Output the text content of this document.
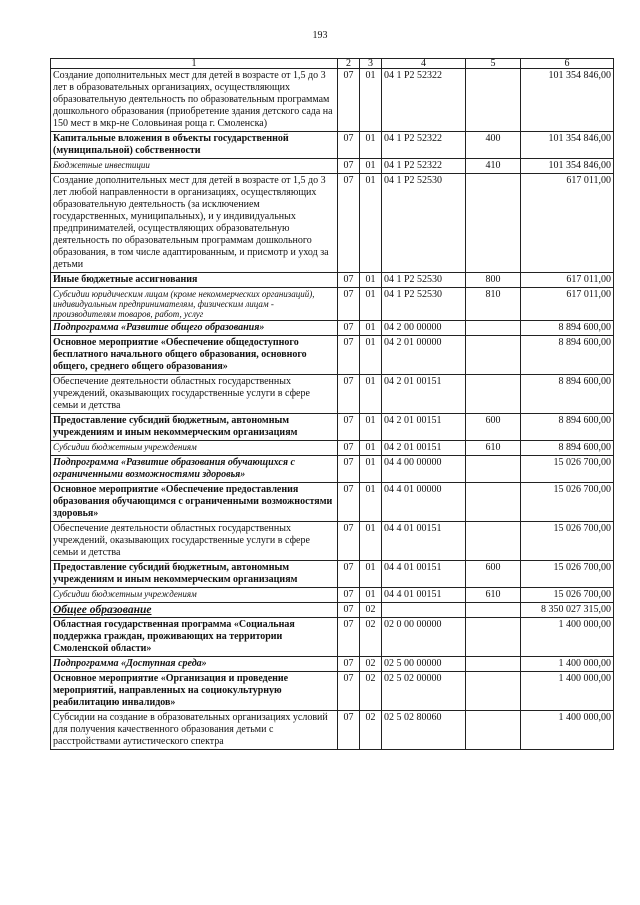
193
1	2	3	4	5	6
Создание дополнительных мест для детей в возрасте от 1,5 до 3 лет в образовательных организациях, осуществляющих образовательную деятельность по образовательным программам дошкольного образования (приобретение здания детского сада на 150 мест в мкр-не Соловьиная роща г. Смоленска)	07	01	04 1 P2 52322		101 354 846,00
Капитальные вложения в объекты государственной (муниципальной) собственности	07	01	04 1 P2 52322	400	101 354 846,00
Бюджетные инвестиции	07	01	04 1 P2 52322	410	101 354 846,00
Создание дополнительных мест для детей в возрасте от 1,5 до 3 лет любой направленности в организациях, осуществляющих образовательную деятельность (за исключением государственных, муниципальных), и у индивидуальных предпринимателей, осуществляющих образовательную деятельность по образовательным программам дошкольного образования, в том числе адаптированным, и присмотр и уход за детьми	07	01	04 1 P2 52530		617 011,00
Иные бюджетные ассигнования	07	01	04 1 P2 52530	800	617 011,00
Субсидии юридическим лицам (кроме некоммерческих организаций), индивидуальным предпринимателям, физическим лицам - производителям товаров, работ, услуг	07	01	04 1 P2 52530	810	617 011,00
Подпрограмма «Развитие общего образования»	07	01	04 2 00 00000		8 894 600,00
Основное мероприятие «Обеспечение общедоступного бесплатного начального общего образования, основного общего, среднего общего образования»	07	01	04 2 01 00000		8 894 600,00
Обеспечение деятельности областных государственных учреждений, оказывающих государственные услуги в сфере семьи и детства	07	01	04 2 01 00151		8 894 600,00
Предоставление субсидий бюджетным, автономным учреждениям и иным некоммерческим организациям	07	01	04 2 01 00151	600	8 894 600,00
Субсидии бюджетным учреждениям	07	01	04 2 01 00151	610	8 894 600,00
Подпрограмма «Развитие образования обучающихся с ограниченными возможностями здоровья»	07	01	04 4 00 00000		15 026 700,00
Основное мероприятие «Обеспечение предоставления образования обучающимся с ограниченными возможностями здоровья»	07	01	04 4 01 00000		15 026 700,00
Обеспечение деятельности областных государственных учреждений, оказывающих государственные услуги в сфере семьи и детства	07	01	04 4 01 00151		15 026 700,00
Предоставление субсидий бюджетным, автономным учреждениям и иным некоммерческим организациям	07	01	04 4 01 00151	600	15 026 700,00
Субсидии бюджетным учреждениям	07	01	04 4 01 00151	610	15 026 700,00
Общее образование	07	02			8 350 027 315,00
Областная государственная программа «Социальная поддержка граждан, проживающих на территории Смоленской области»	07	02	02 0 00 00000		1 400 000,00
Подпрограмма «Доступная среда»	07	02	02 5 00 00000		1 400 000,00
Основное мероприятие «Организация и проведение мероприятий, направленных на социокультурную реабилитацию инвалидов»	07	02	02 5 02 00000		1 400 000,00
Субсидии на создание в образовательных организациях условий для получения качественного образования детьми с расстройствами аутистического спектра	07	02	02 5 02 80060		1 400 000,00
